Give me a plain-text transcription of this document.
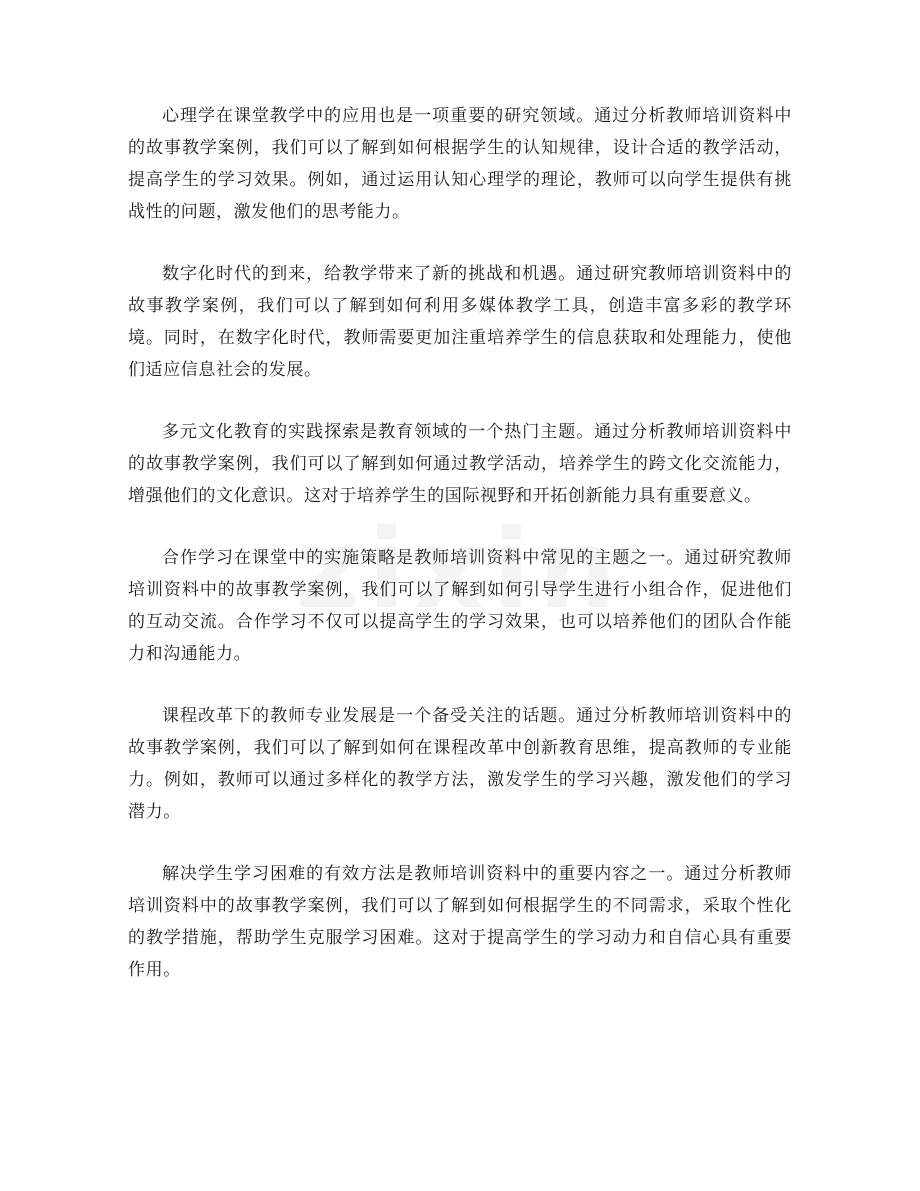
心理学在课堂教学中的应用也是一项重要的研究领域。通过分析教师培训资料中的故事教学案例，我们可以了解到如何根据学生的认知规律，设计合适的教学活动，提高学生的学习效果。例如，通过运用认知心理学的理论，教师可以向学生提供有挑战性的问题，激发他们的思考能力。

数字化时代的到来，给教学带来了新的挑战和机遇。通过研究教师培训资料中的故事教学案例，我们可以了解到如何利用多媒体教学工具，创造丰富多彩的教学环境。同时，在数字化时代，教师需要更加注重培养学生的信息获取和处理能力，使他们适应信息社会的发展。

多元文化教育的实践探索是教育领域的一个热门主题。通过分析教师培训资料中的故事教学案例，我们可以了解到如何通过教学活动，培养学生的跨文化交流能力，增强他们的文化意识。这对于培养学生的国际视野和开拓创新能力具有重要意义。

合作学习在课堂中的实施策略是教师培训资料中常见的主题之一。通过研究教师培训资料中的故事教学案例，我们可以了解到如何引导学生进行小组合作，促进他们的互动交流。合作学习不仅可以提高学生的学习效果，也可以培养他们的团队合作能力和沟通能力。

课程改革下的教师专业发展是一个备受关注的话题。通过分析教师培训资料中的故事教学案例，我们可以了解到如何在课程改革中创新教育思维，提高教师的专业能力。例如，教师可以通过多样化的教学方法，激发学生的学习兴趣，激发他们的学习潜力。

解决学生学习困难的有效方法是教师培训资料中的重要内容之一。通过分析教师培训资料中的故事教学案例，我们可以了解到如何根据学生的不同需求，采取个性化的教学措施，帮助学生克服学习困难。这对于提高学生的学习动力和自信心具有重要作用。
